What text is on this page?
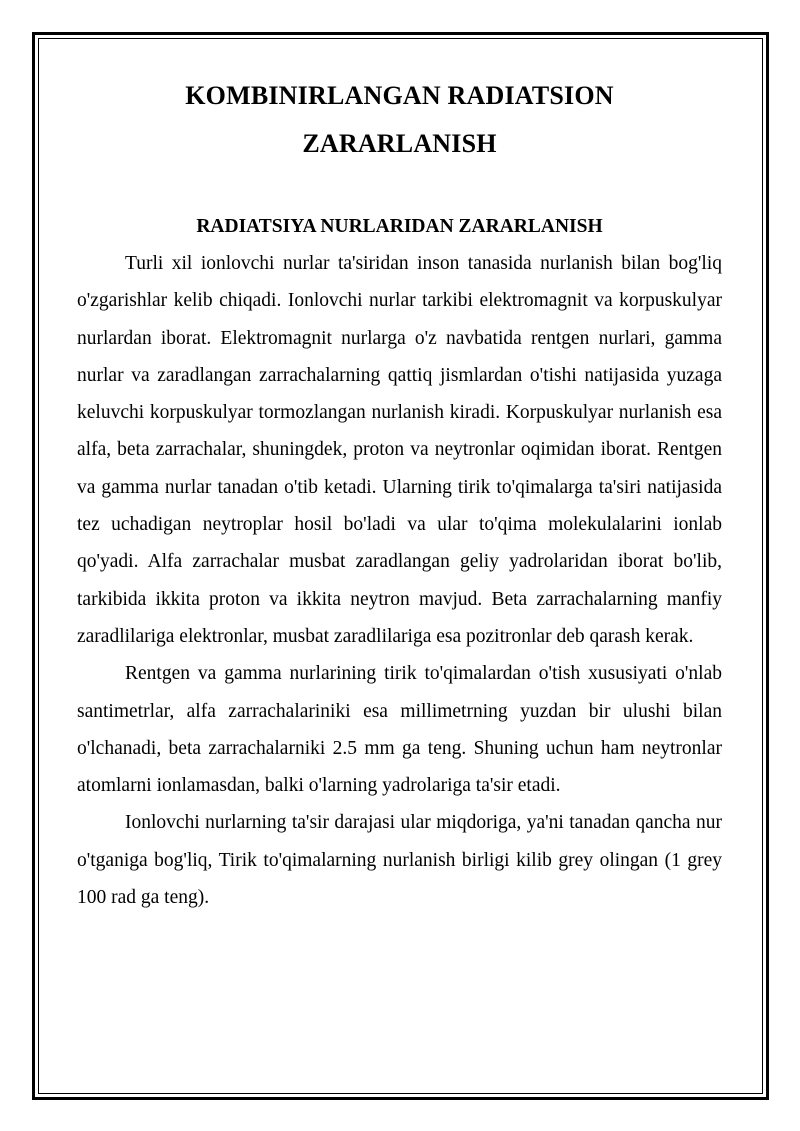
KOMBINIRLANGAN RADIATSION
ZARARLANISH
RADIATSIYA NURLARIDAN ZARARLANISH

Turli xil ionlovchi nurlar ta'siridan inson tanasida nurlanish bilan bog'liq o'zgarishlar kelib chiqadi. Ionlovchi nurlar tarkibi elektromagnit va korpuskulyar nurlardan iborat. Elektromagnit nurlarga o'z navbatida rentgen nurlari, gamma nurlar va zaradlangan zarrachalarning qattiq jismlardan o'tishi natijasida yuzaga keluvchi korpuskulyar tormozlangan nurlanish kiradi. Korpuskulyar nurlanish esa alfa, beta zarrachalar, shuningdek, proton va neytronlar oqimidan iborat. Rentgen va gamma nurlar tanadan o'tib ketadi. Ularning tirik to'qimalarga ta'siri natijasida tez uchadigan neytroplar hosil bo'ladi va ular to'qima molekulalarini ionlab qo'yadi. Alfa zarrachalar musbat zaradlangan geliy yadrolaridan iborat bo'lib, tarkibida ikkita proton va ikkita neytron mavjud. Beta zarrachalarning manfiy zaradlilariga elektronlar, musbat zaradlilariga esa pozitronlar deb qarash kerak.

Rentgen va gamma nurlarining tirik to'qimalardan o'tish xususiyati o'nlab santimetrlar, alfa zarrachalariniki esa millimetrning yuzdan bir ulushi bilan o'lchanadi, beta zarrachalarniki 2.5 mm ga teng. Shuning uchun ham neytronlar atomlarni ionlamasdan, balki o'larning yadrolariga ta'sir etadi.

Ionlovchi nurlarning ta'sir darajasi ular miqdoriga, ya'ni tanadan qancha nur o'tganiga bog'liq, Tirik to'qimalarning nurlanish birligi kilib grey olingan (1 grey 100 rad ga teng).
